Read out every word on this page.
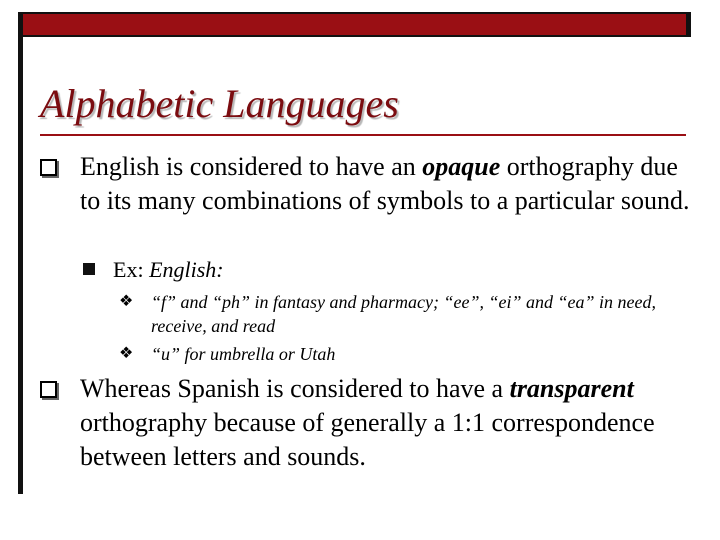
Alphabetic Languages
English is considered to have an opaque orthography due to its many combinations of symbols to a particular sound.
Ex: English:
❖ “f” and “ph” in fantasy and pharmacy; “ee”, “ei” and “ea” in need, receive, and read
❖ “u” for umbrella or Utah
Whereas Spanish is considered to have a transparent orthography because of generally a 1:1 correspondence between letters and sounds.
